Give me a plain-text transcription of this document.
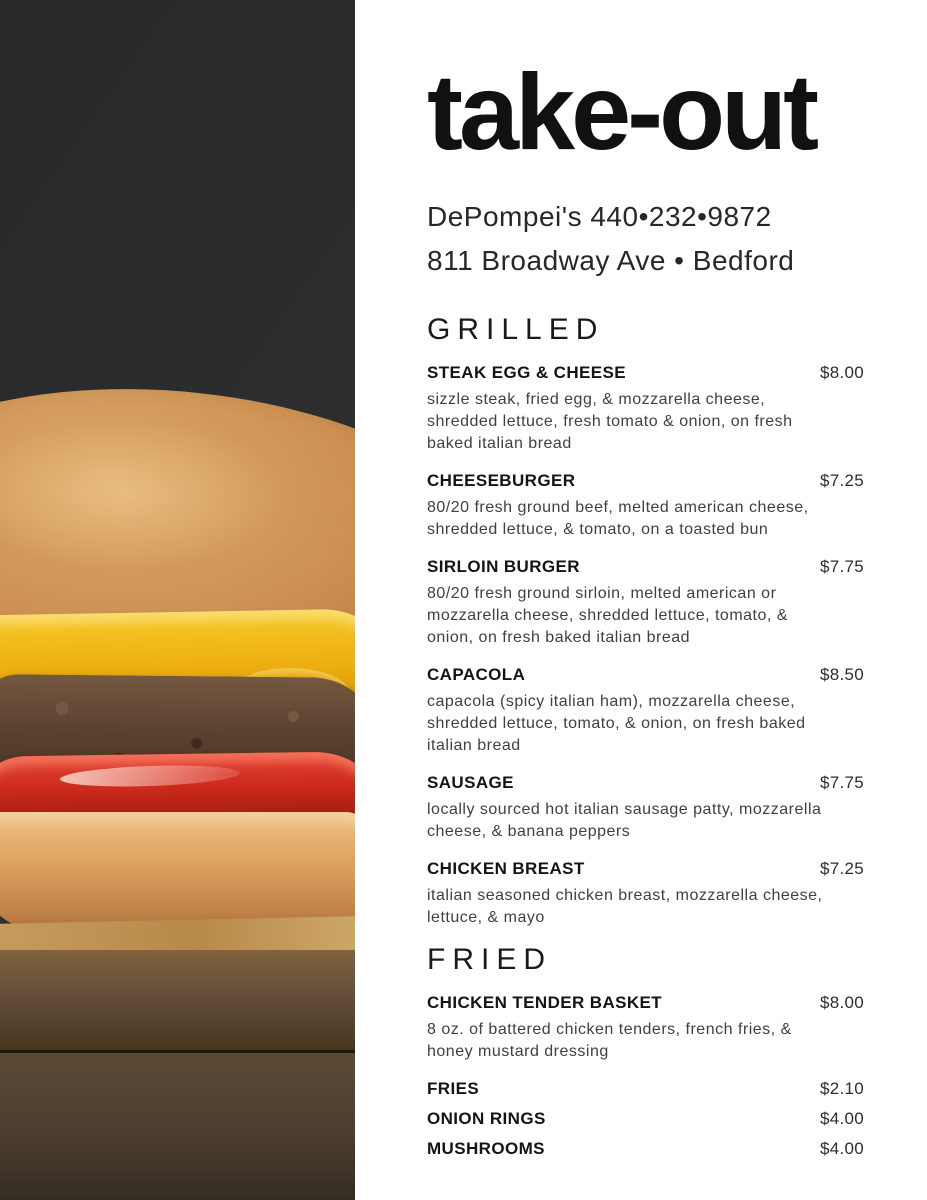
take-out

DePompei's 440•232•9872

811 Broadway Ave • Bedford

GRILLED
STEAK EGG & CHEESE	$8.00
sizzle steak, fried egg, & mozzarella cheese, shredded lettuce, fresh tomato & onion, on fresh baked italian bread
CHEESEBURGER	$7.25
80/20 fresh ground beef, melted american cheese, shredded lettuce, & tomato, on a toasted bun
SIRLOIN BURGER	$7.75
80/20 fresh ground sirloin, melted american or mozzarella cheese, shredded lettuce, tomato, & onion, on fresh baked italian bread
CAPACOLA	$8.50
capacola (spicy italian ham), mozzarella cheese, shredded lettuce, tomato, & onion, on fresh baked italian bread
SAUSAGE	$7.75
locally sourced hot italian sausage patty, mozzarella cheese, & banana peppers
CHICKEN BREAST	$7.25
italian seasoned chicken breast, mozzarella cheese, lettuce, & mayo
FRIED
CHICKEN TENDER BASKET	$8.00
8 oz. of battered chicken tenders, french fries, & honey mustard dressing
FRIES	$2.10
ONION RINGS	$4.00
MUSHROOMS	$4.00
